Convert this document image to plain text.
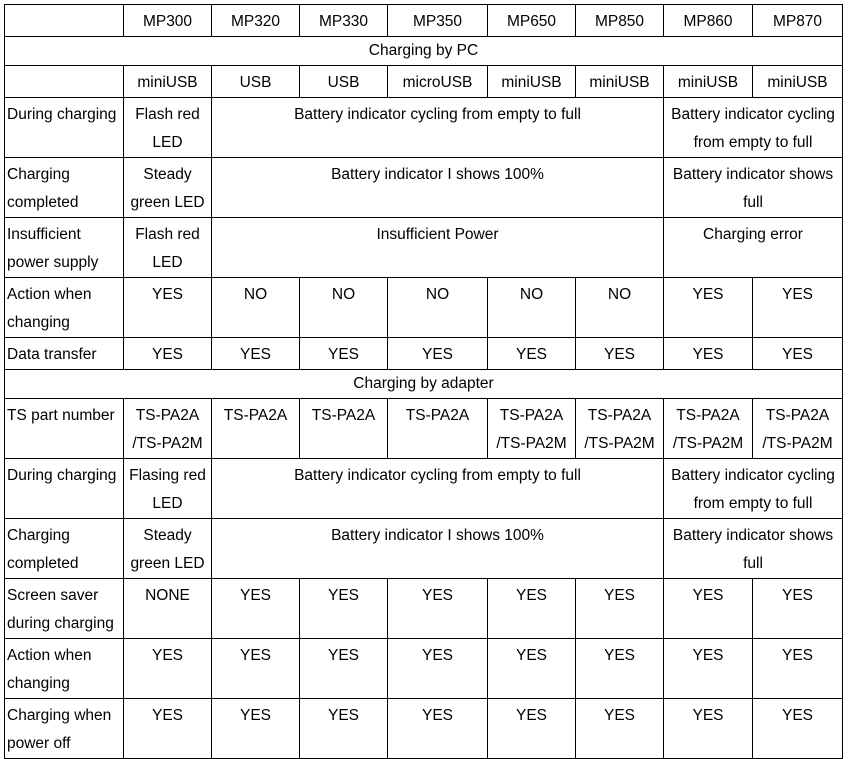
	MP300	MP320	MP330	MP350	MP650	MP850	MP860	MP870
Charging by PC								
	miniUSB	USB	USB	microUSB	miniUSB	miniUSB	miniUSB	miniUSB
During charging	Flash red LED	Battery indicator cycling from empty to full					Battery indicator cycling from empty to full	
Charging completed	Steady green LED	Battery indicator I shows 100%					Battery indicator shows full	
Insufficient power supply	Flash red LED	Insufficient Power					Charging error	
Action when changing	YES	NO	NO	NO	NO	NO	YES	YES
Data transfer	YES	YES	YES	YES	YES	YES	YES	YES
Charging by adapter								
TS part number	TS-PA2A /TS-PA2M	TS-PA2A	TS-PA2A	TS-PA2A	TS-PA2A /TS-PA2M	TS-PA2A /TS-PA2M	TS-PA2A /TS-PA2M	TS-PA2A /TS-PA2M
During charging	Flasing red LED	Battery indicator cycling from empty to full					Battery indicator cycling from empty to full	
Charging completed	Steady green LED	Battery indicator I shows 100%					Battery indicator shows full	
Screen saver during charging	NONE	YES	YES	YES	YES	YES	YES	YES
Action when changing	YES	YES	YES	YES	YES	YES	YES	YES
Charging when power off	YES	YES	YES	YES	YES	YES	YES	YES
